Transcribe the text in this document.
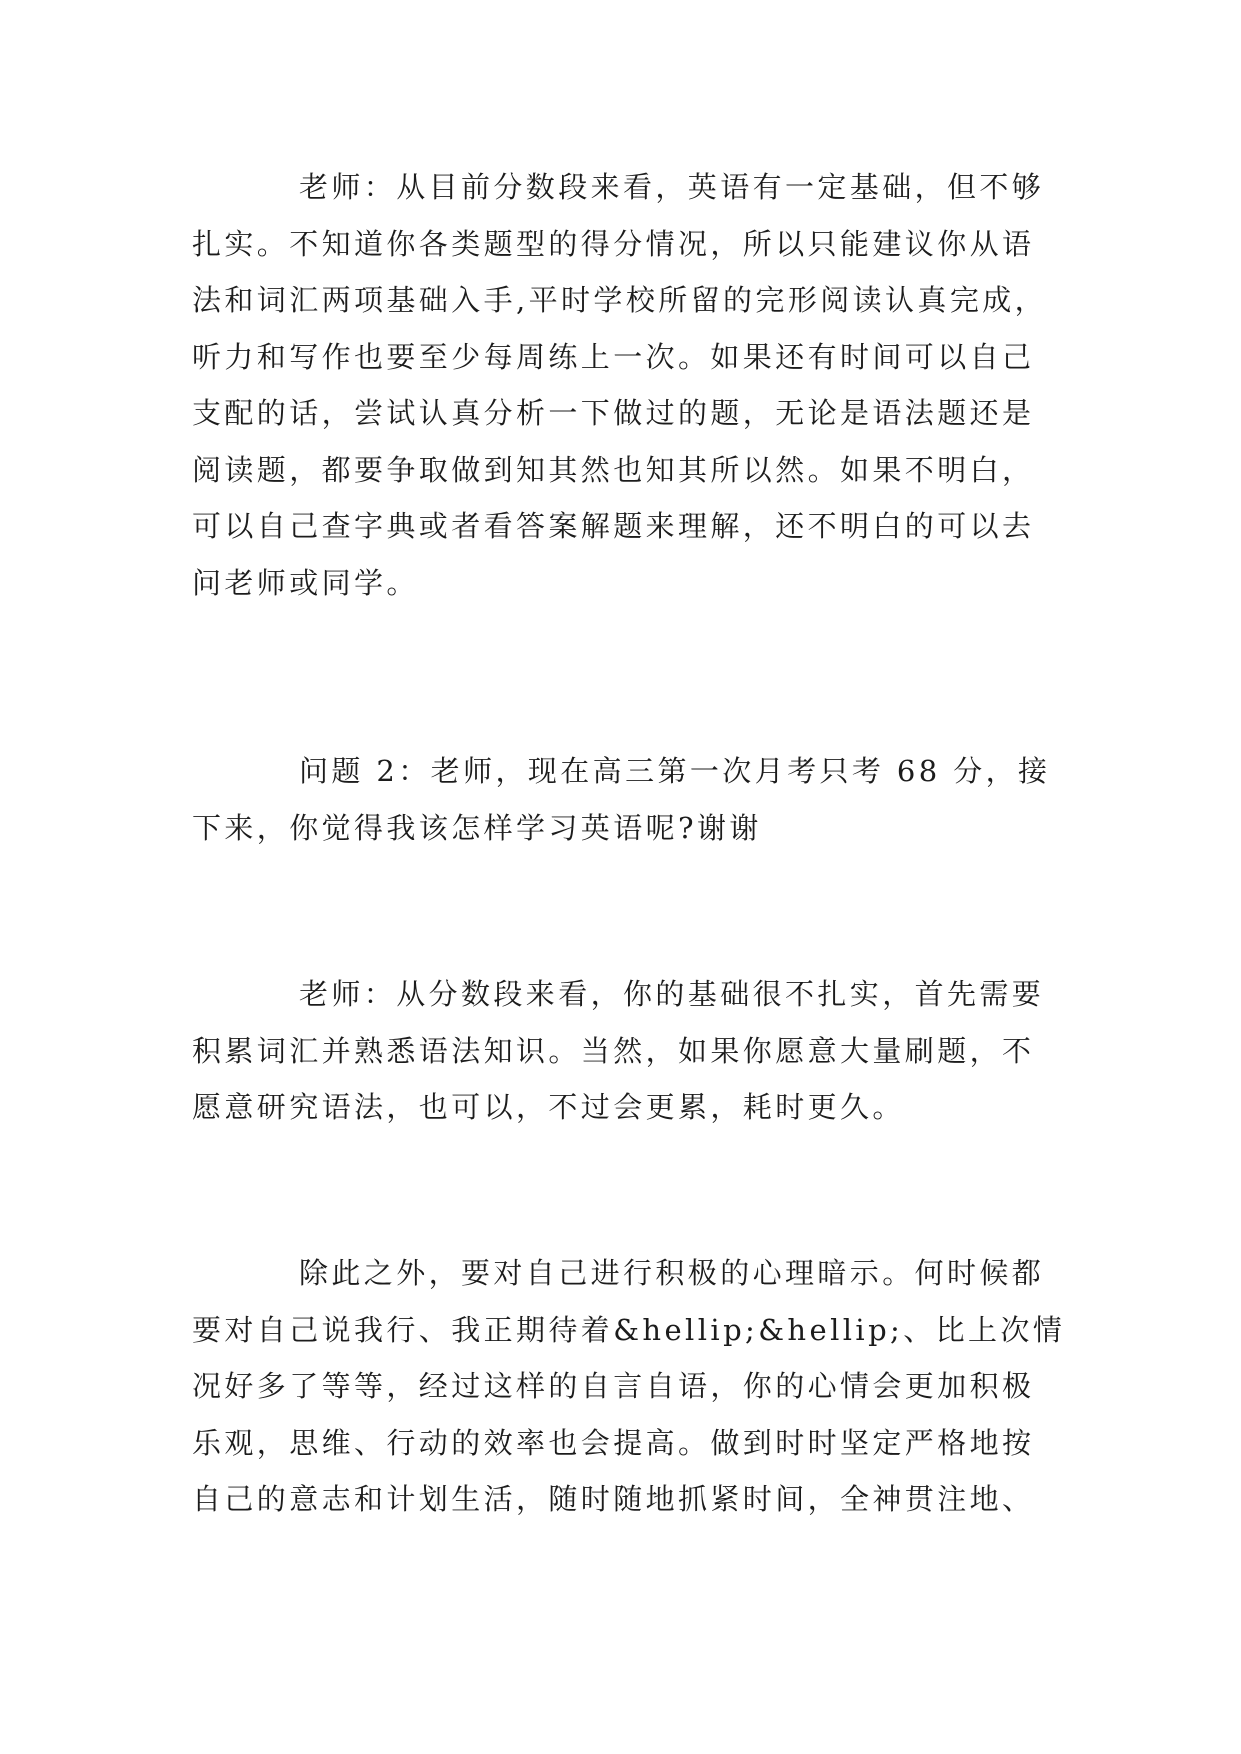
老师：从目前分数段来看，英语有一定基础，但不够
扎实。不知道你各类题型的得分情况，所以只能建议你从语
法和词汇两项基础入手,平时学校所留的完形阅读认真完成，
听力和写作也要至少每周练上一次。如果还有时间可以自己
支配的话，尝试认真分析一下做过的题，无论是语法题还是
阅读题，都要争取做到知其然也知其所以然。如果不明白，
可以自己查字典或者看答案解题来理解，还不明白的可以去
问老师或同学。
问题 2：老师，现在高三第一次月考只考 68 分，接
下来，你觉得我该怎样学习英语呢?谢谢
老师：从分数段来看，你的基础很不扎实，首先需要
积累词汇并熟悉语法知识。当然，如果你愿意大量刷题，不
愿意研究语法，也可以，不过会更累，耗时更久。
除此之外，要对自己进行积极的心理暗示。何时候都
要对自己说我行、我正期待着&hellip;&hellip;、比上次情
况好多了等等，经过这样的自言自语，你的心情会更加积极
乐观，思维、行动的效率也会提高。做到时时坚定严格地按
自己的意志和计划生活，随时随地抓紧时间，全神贯注地、
